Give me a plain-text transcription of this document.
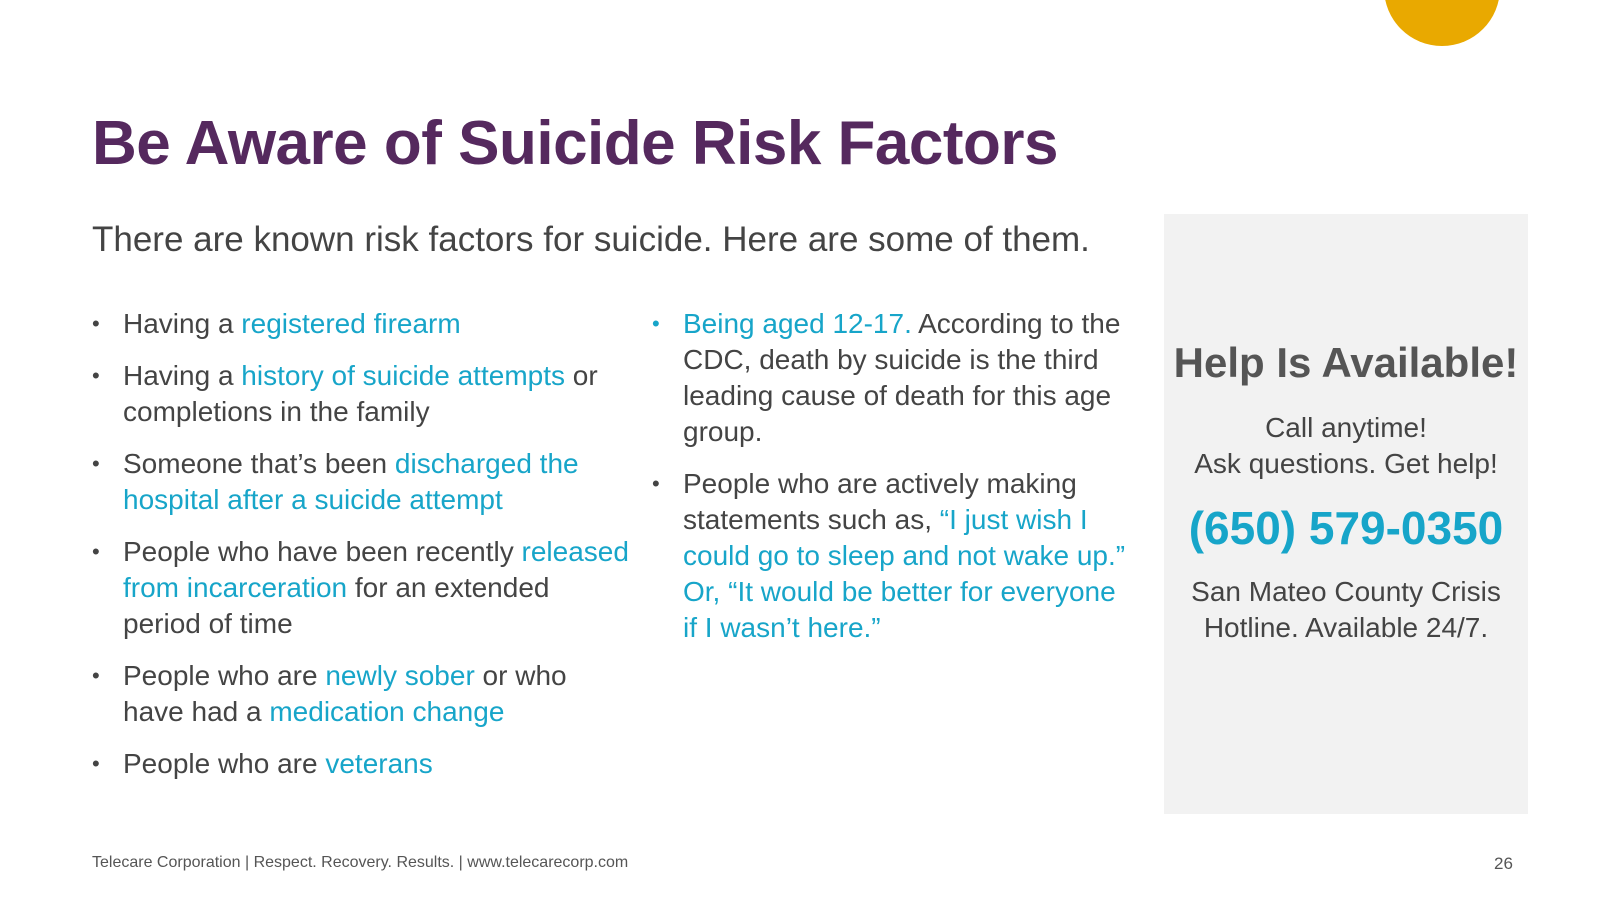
Be Aware of Suicide Risk Factors

There are known risk factors for suicide. Here are some of them.

• Having a registered firearm
• Having a history of suicide attempts or completions in the family
• Someone that’s been discharged the hospital after a suicide attempt
• People who have been recently released from incarceration for an extended period of time
• People who are newly sober or who have had a medication change
• People who are veterans
• Being aged 12-17. According to the CDC, death by suicide is the third leading cause of death for this age group.
• People who are actively making statements such as, “I just wish I could go to sleep and not wake up.” Or, “It would be better for everyone if I wasn’t here.”

Help Is Available!

Call anytime!
Ask questions. Get help!

(650) 579-0350

San Mateo County Crisis
Hotline. Available 24/7.

Telecare Corporation | Respect. Recovery. Results. | www.telecarecorp.com	26
